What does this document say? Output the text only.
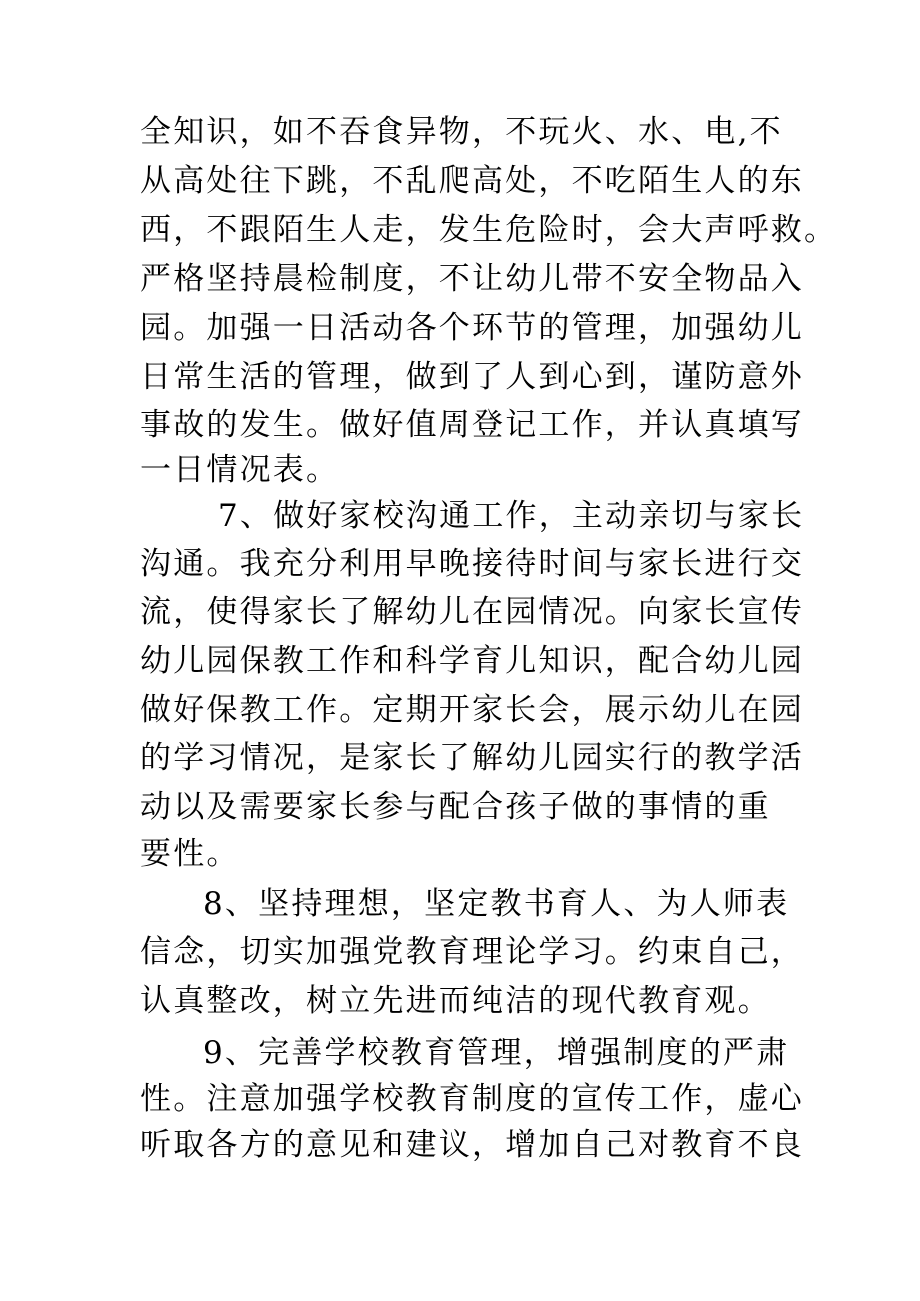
全知识，如不吞食异物，不玩火、水、电,不
从高处往下跳，不乱爬高处，不吃陌生人的东
西，不跟陌生人走，发生危险时，会大声呼救。
严格坚持晨检制度，不让幼儿带不安全物品入
园。加强一日活动各个环节的管理，加强幼儿
日常生活的管理，做到了人到心到，谨防意外
事故的发生。做好值周登记工作，并认真填写
一日情况表。
7、做好家校沟通工作，主动亲切与家长
沟通。我充分利用早晚接待时间与家长进行交
流，使得家长了解幼儿在园情况。向家长宣传
幼儿园保教工作和科学育儿知识，配合幼儿园
做好保教工作。定期开家长会，展示幼儿在园
的学习情况，是家长了解幼儿园实行的教学活
动以及需要家长参与配合孩子做的事情的重
要性。
8、坚持理想，坚定教书育人、为人师表
信念，切实加强党教育理论学习。约束自己，
认真整改，树立先进而纯洁的现代教育观。
9、完善学校教育管理，增强制度的严肃
性。注意加强学校教育制度的宣传工作，虚心
听取各方的意见和建议，增加自己对教育不良
